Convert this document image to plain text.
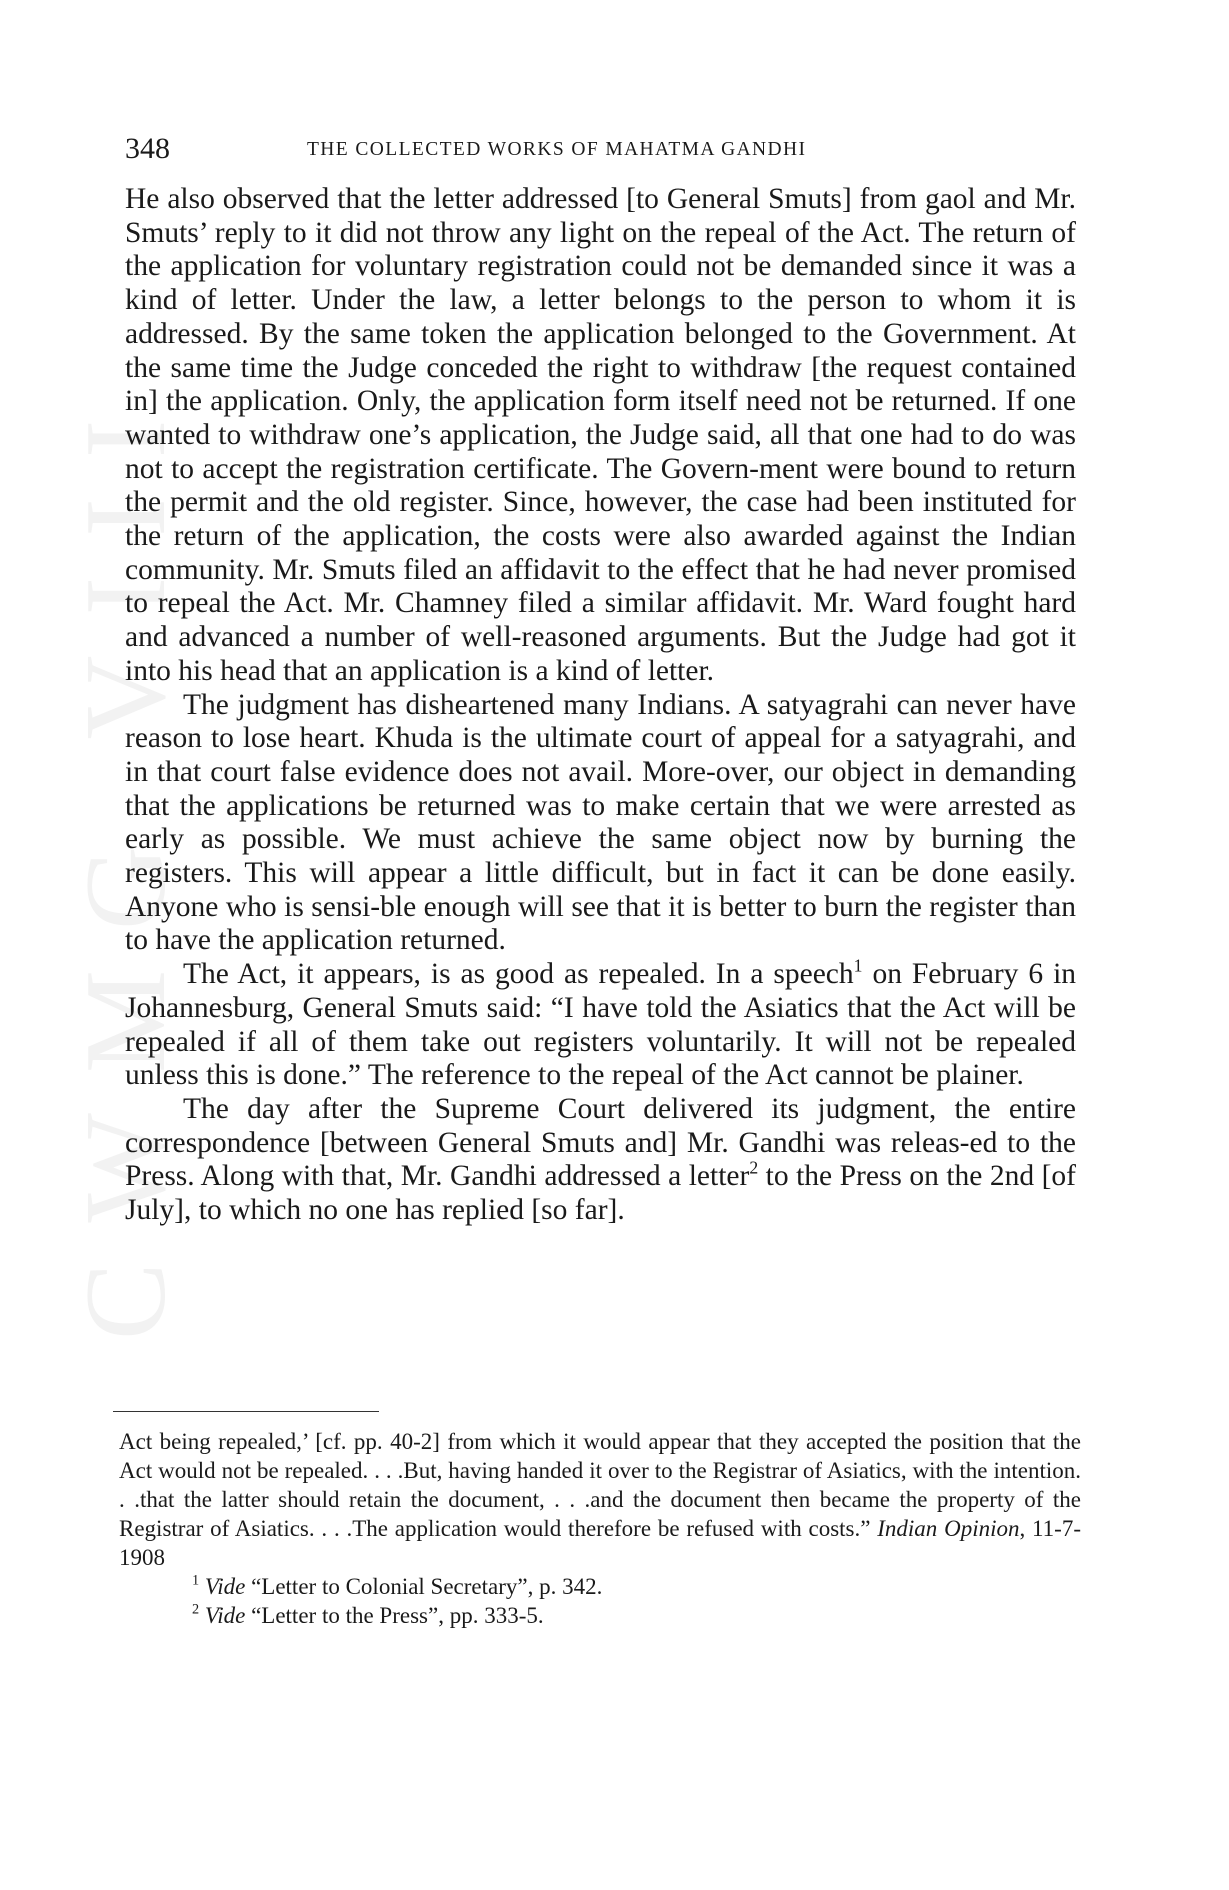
CWMG VIII
348	THE COLLECTED WORKS OF MAHATMA GANDHI

He also observed that the letter addressed [to General Smuts] from gaol and Mr. Smuts’ reply to it did not throw any light on the repeal of the Act. The return of the application for voluntary registration could not be demanded since it was a kind of letter. Under the law, a letter belongs to the person to whom it is addressed. By the same token the application belonged to the Government. At the same time the Judge conceded the right to withdraw [the request contained in] the application. Only, the application form itself need not be returned. If one wanted to withdraw one’s application, the Judge said, all that one had to do was not to accept the registration certificate. The Govern-ment were bound to return the permit and the old register. Since, however, the case had been instituted for the return of the application, the costs were also awarded against the Indian community. Mr. Smuts filed an affidavit to the effect that he had never promised to repeal the Act. Mr. Chamney filed a similar affidavit. Mr. Ward fought hard and advanced a number of well-reasoned arguments. But the Judge had got it into his head that an application is a kind of letter.

The judgment has disheartened many Indians. A satyagrahi can never have reason to lose heart. Khuda is the ultimate court of appeal for a satyagrahi, and in that court false evidence does not avail. More-over, our object in demanding that the applications be returned was to make certain that we were arrested as early as possible. We must achieve the same object now by burning the registers. This will appear a little difficult, but in fact it can be done easily. Anyone who is sensi-ble enough will see that it is better to burn the register than to have the application returned.

The Act, it appears, is as good as repealed. In a speech$^1$ on February 6 in Johannesburg, General Smuts said: “I have told the Asiatics that the Act will be repealed if all of them take out registers voluntarily. It will not be repealed unless this is done.” The reference to the repeal of the Act cannot be plainer.

The day after the Supreme Court delivered its judgment, the entire correspondence [between General Smuts and] Mr. Gandhi was releas-ed to the Press. Along with that, Mr. Gandhi addressed a letter$^2$ to the Press on the 2nd [of July], to which no one has replied [so far].

Act being repealed,’ [cf. pp. 40-2] from which it would appear that they accepted the position that the Act would not be repealed. . . .But, having handed it over to the Registrar of Asiatics, with the intention. . .that the latter should retain the document, . . .and the document then became the property of the Registrar of Asiatics. . . .The application would therefore be refused with costs.” Indian Opinion, 11-7-1908

$^1$ Vide “Letter to Colonial Secretary”, p. 342.

$^2$ Vide “Letter to the Press”, pp. 333-5.
